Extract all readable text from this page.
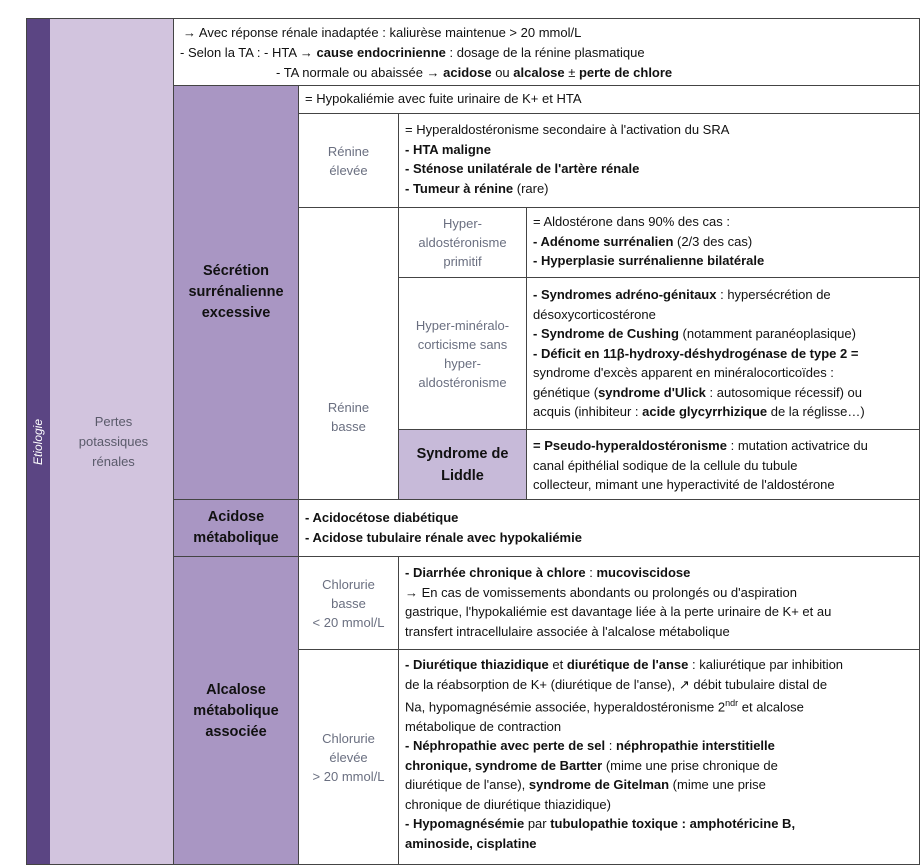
Etiologie	Pertes
potassiques
rénales
→ Avec réponse rénale inadaptée : kaliurèse maintenue > 20 mmol/L
- Selon la TA : - HTA → cause endocrinienne : dosage de la rénine plasmatique
- TA normale ou abaissée → acidose ou alcalose ± perte de chlore
Sécrétion
surrénalienne
excessive
= Hypokaliémie avec fuite urinaire de K+ et HTA
Rénine
élevée
= Hyperaldostéronisme secondaire à l'activation du SRA
- HTA maligne
- Sténose unilatérale de l'artère rénale
- Tumeur à rénine (rare)
Rénine
basse
Hyper-
aldostéronisme
primitif
= Aldostérone dans 90% des cas :
- Adénome surrénalien (2/3 des cas)
- Hyperplasie surrénalienne bilatérale
Hyper-minéralo-
corticisme sans
hyper-
aldostéronisme
- Syndromes adréno-génitaux : hypersécrétion de
désoxycorticostérone
- Syndrome de Cushing (notamment paranéoplasique)
- Déficit en 11β-hydroxy-déshydrogénase de type 2 =
syndrome d'excès apparent en minéralocorticoïdes :
génétique (syndrome d'Ulick : autosomique récessif) ou
acquis (inhibiteur : acide glycyrrhizique de la réglisse…)
Syndrome de
Liddle
= Pseudo-hyperaldostéronisme : mutation activatrice du
canal épithélial sodique de la cellule du tubule
collecteur, mimant une hyperactivité de l'aldostérone
Acidose
métabolique
- Acidocétose diabétique
- Acidose tubulaire rénale avec hypokaliémie
Alcalose
métabolique
associée
Chlorurie
basse
< 20 mmol/L
- Diarrhée chronique à chlore : mucoviscidose
→ En cas de vomissements abondants ou prolongés ou d'aspiration
gastrique, l'hypokaliémie est davantage liée à la perte urinaire de K+ et au
transfert intracellulaire associée à l'alcalose métabolique
Chlorurie
élevée
> 20 mmol/L
- Diurétique thiazidique et diurétique de l'anse : kaliurétique par inhibition
de la réabsorption de K+ (diurétique de l'anse), ↗ débit tubulaire distal de
Na, hypomagnésémie associée, hyperaldostéronisme $2^{ndr}$ et alcalose
métabolique de contraction
- Néphropathie avec perte de sel : néphropathie interstitielle
chronique, syndrome de Bartter (mime une prise chronique de
diurétique de l'anse), syndrome de Gitelman (mime une prise
chronique de diurétique thiazidique)
- Hypomagnésémie par tubulopathie toxique : amphotéricine B,
aminoside, cisplatine
